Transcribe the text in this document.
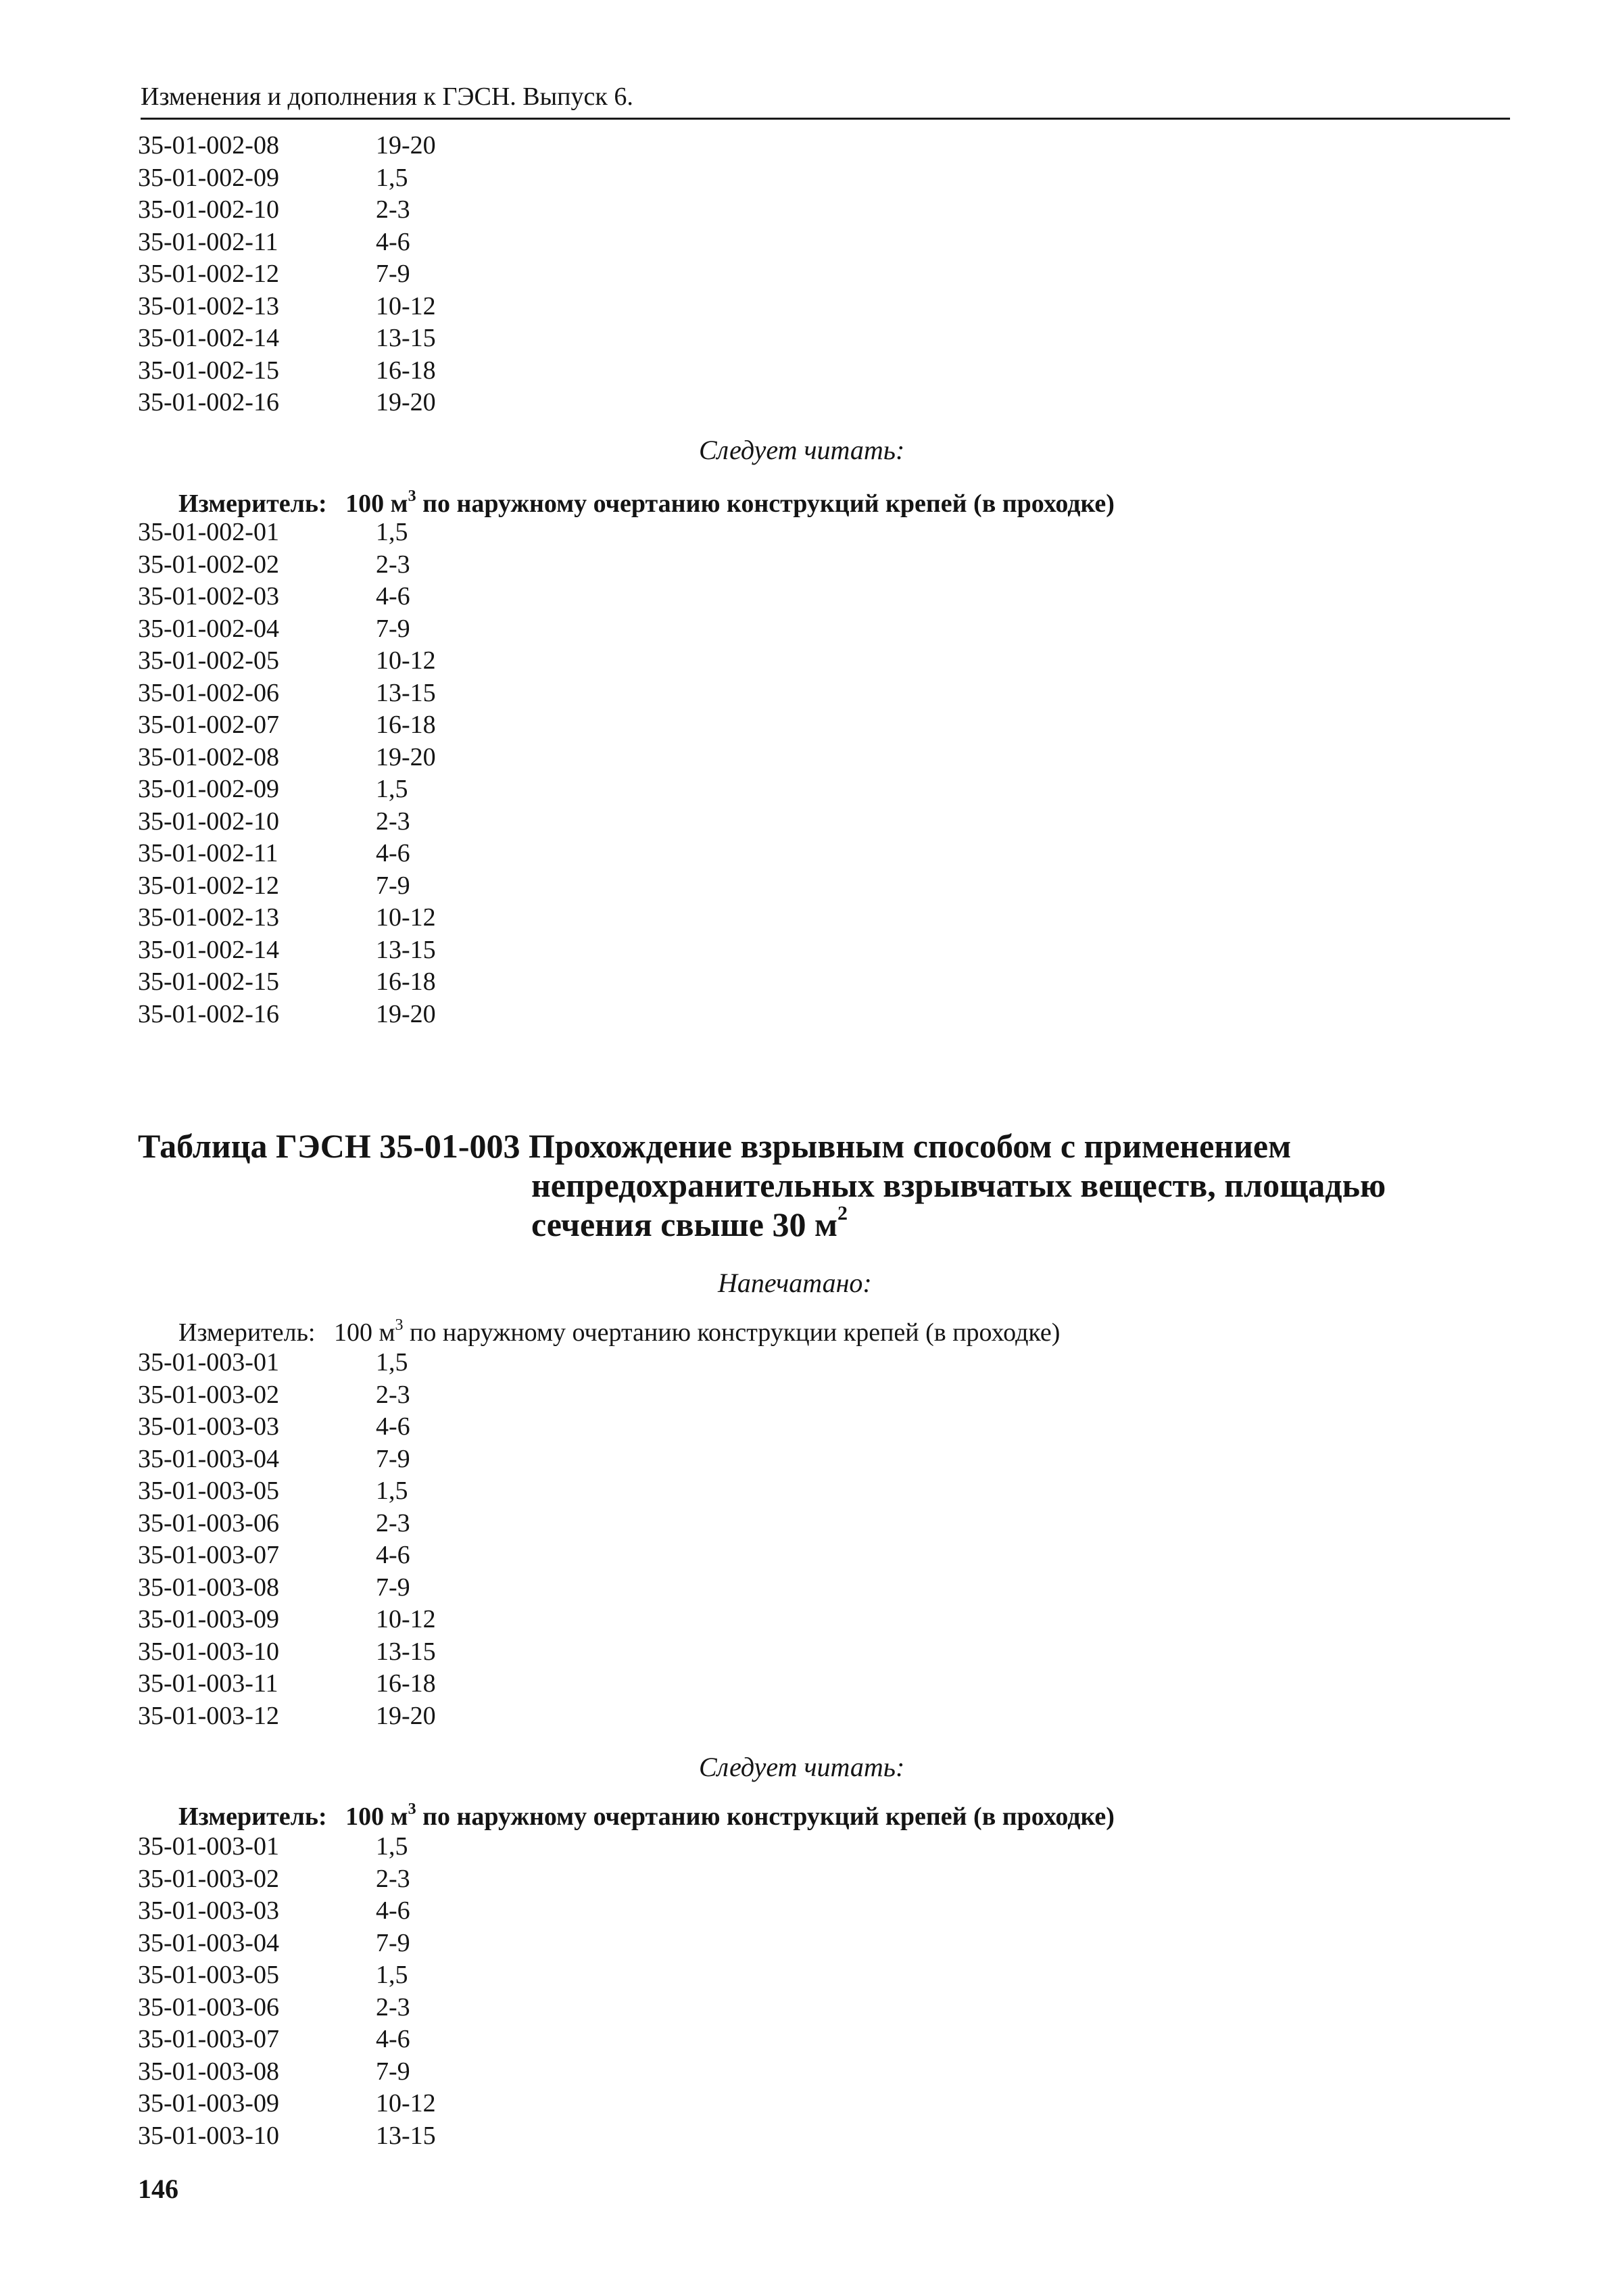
Изменения и дополнения к ГЭСН. Выпуск 6.
35-01-002-08	19-20
35-01-002-09	1,5
35-01-002-10	2-3
35-01-002-11	4-6
35-01-002-12	7-9
35-01-002-13	10-12
35-01-002-14	13-15
35-01-002-15	16-18
35-01-002-16	19-20
Следует читать:
Измеритель: 100 $м^3$ по наружному очертанию конструкций крепей (в проходке)
35-01-002-01	1,5
35-01-002-02	2-3
35-01-002-03	4-6
35-01-002-04	7-9
35-01-002-05	10-12
35-01-002-06	13-15
35-01-002-07	16-18
35-01-002-08	19-20
35-01-002-09	1,5
35-01-002-10	2-3
35-01-002-11	4-6
35-01-002-12	7-9
35-01-002-13	10-12
35-01-002-14	13-15
35-01-002-15	16-18
35-01-002-16	19-20
Таблица ГЭСН 35-01-003 Прохождение взрывным способом с применением
непредохранительных взрывчатых веществ, площадью
сечения свыше 30 $м^2$
Напечатано:
Измеритель: 100 $м^3$ по наружному очертанию конструкции крепей (в проходке)
35-01-003-01	1,5
35-01-003-02	2-3
35-01-003-03	4-6
35-01-003-04	7-9
35-01-003-05	1,5
35-01-003-06	2-3
35-01-003-07	4-6
35-01-003-08	7-9
35-01-003-09	10-12
35-01-003-10	13-15
35-01-003-11	16-18
35-01-003-12	19-20
Следует читать:
Измеритель: 100 $м^3$ по наружному очертанию конструкций крепей (в проходке)
35-01-003-01	1,5
35-01-003-02	2-3
35-01-003-03	4-6
35-01-003-04	7-9
35-01-003-05	1,5
35-01-003-06	2-3
35-01-003-07	4-6
35-01-003-08	7-9
35-01-003-09	10-12
35-01-003-10	13-15
146
